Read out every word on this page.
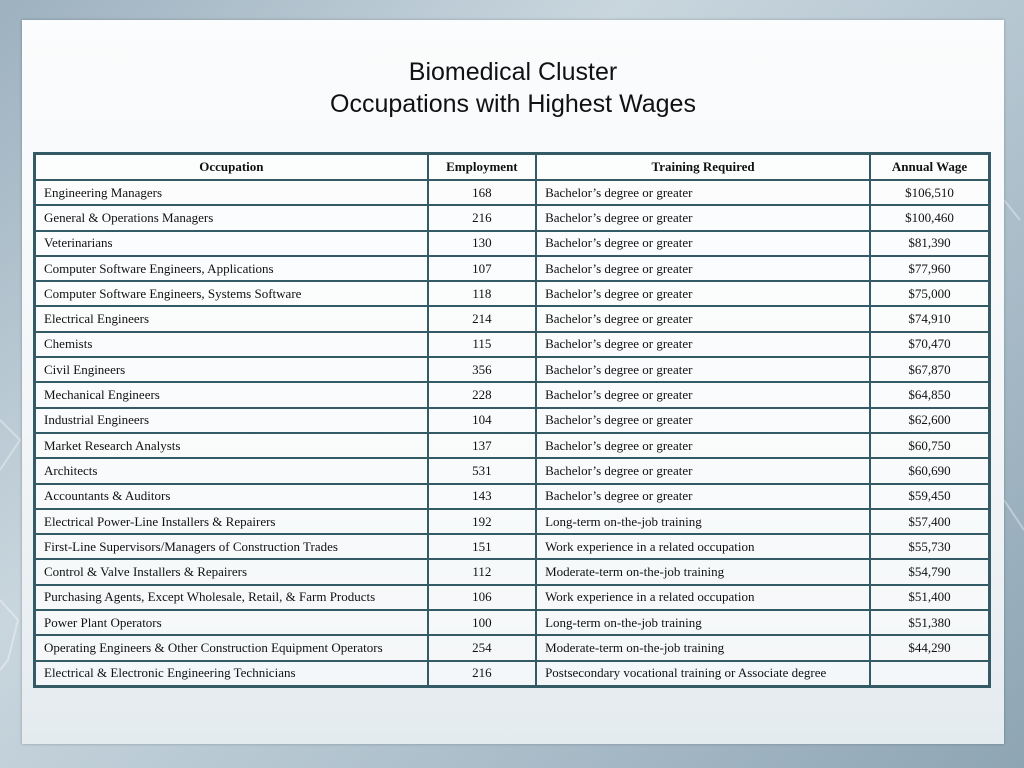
Biomedical Cluster
Occupations with Highest Wages
Occupation	Employment	Training Required	Annual Wage
Engineering Managers	168	Bachelor’s degree or greater	$106,510
General & Operations Managers	216	Bachelor’s degree or greater	$100,460
Veterinarians	130	Bachelor’s degree or greater	$81,390
Computer Software Engineers, Applications	107	Bachelor’s degree or greater	$77,960
Computer Software Engineers, Systems Software	118	Bachelor’s degree or greater	$75,000
Electrical Engineers	214	Bachelor’s degree or greater	$74,910
Chemists	115	Bachelor’s degree or greater	$70,470
Civil Engineers	356	Bachelor’s degree or greater	$67,870
Mechanical Engineers	228	Bachelor’s degree or greater	$64,850
Industrial Engineers	104	Bachelor’s degree or greater	$62,600
Market Research Analysts	137	Bachelor’s degree or greater	$60,750
Architects	531	Bachelor’s degree or greater	$60,690
Accountants & Auditors	143	Bachelor’s degree or greater	$59,450
Electrical Power-Line Installers & Repairers	192	Long-term on-the-job training	$57,400
First-Line Supervisors/Managers of Construction Trades	151	Work experience in a related occupation	$55,730
Control & Valve Installers & Repairers	112	Moderate-term on-the-job training	$54,790
Purchasing Agents, Except Wholesale, Retail, & Farm Products	106	Work experience in a related occupation	$51,400
Power Plant Operators	100	Long-term on-the-job training	$51,380
Operating Engineers & Other Construction Equipment Operators	254	Moderate-term on-the-job training	$44,290
Electrical & Electronic Engineering Technicians	216	Postsecondary vocational training or Associate degree	
